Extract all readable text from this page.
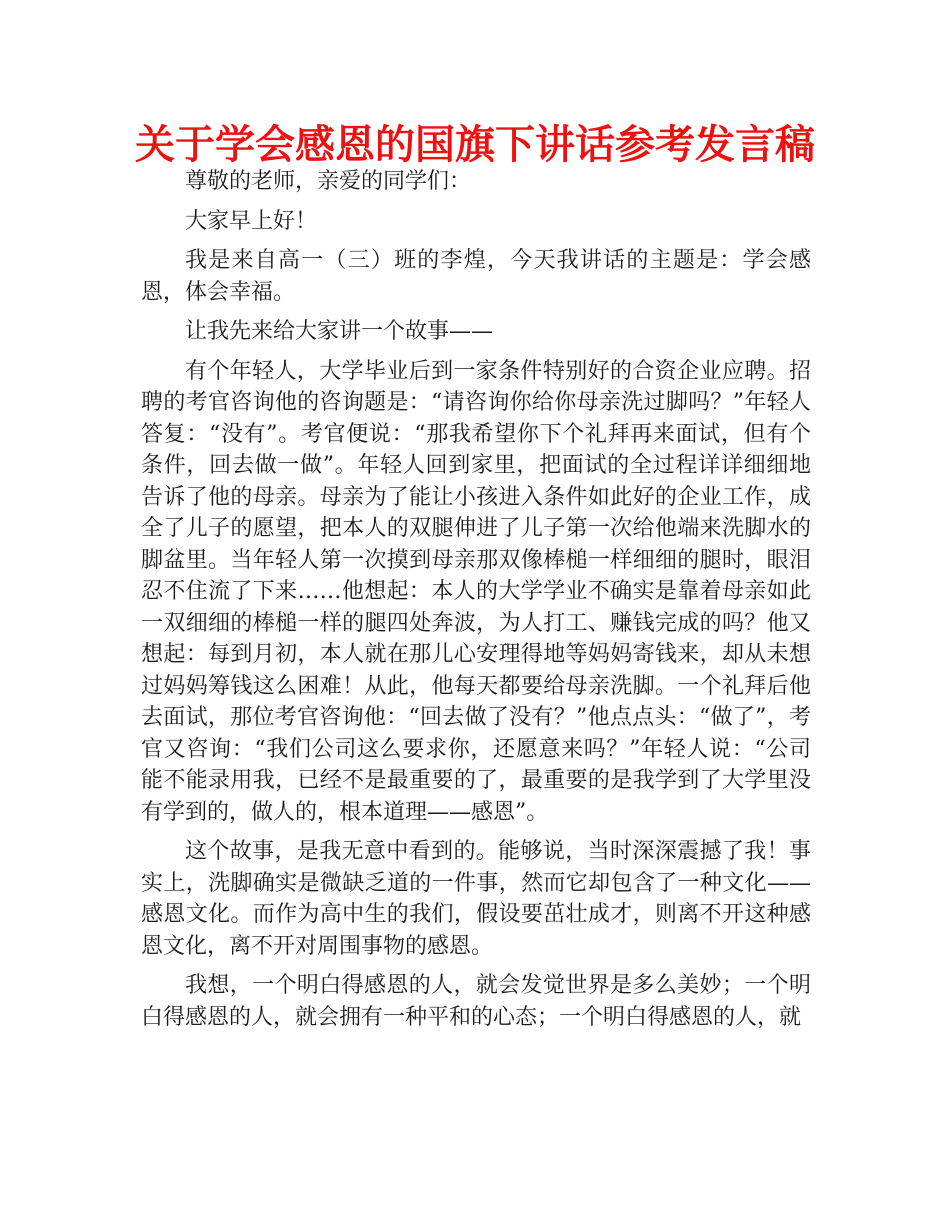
关于学会感恩的国旗下讲话参考发言稿

尊敬的老师，亲爱的同学们：

大家早上好！

我是来自高一（三）班的李煌，今天我讲话的主题是：学会感恩，体会幸福。

让我先来给大家讲一个故事——

有个年轻人，大学毕业后到一家条件特别好的合资企业应聘。招聘的考官咨询他的咨询题是：“请咨询你给你母亲洗过脚吗？”年轻人答复：“没有”。考官便说：“那我希望你下个礼拜再来面试，但有个条件，回去做一做”。年轻人回到家里，把面试的全过程详详细细地告诉了他的母亲。母亲为了能让小孩进入条件如此好的企业工作，成全了儿子的愿望，把本人的双腿伸进了儿子第一次给他端来洗脚水的脚盆里。当年轻人第一次摸到母亲那双像棒槌一样细细的腿时，眼泪忍不住流了下来……他想起：本人的大学学业不确实是靠着母亲如此一双细细的棒槌一样的腿四处奔波，为人打工、赚钱完成的吗？他又想起：每到月初，本人就在那儿心安理得地等妈妈寄钱来，却从未想过妈妈筹钱这么困难！从此，他每天都要给母亲洗脚。一个礼拜后他去面试，那位考官咨询他：“回去做了没有？”他点点头：“做了”，考官又咨询：“我们公司这么要求你，还愿意来吗？”年轻人说：“公司能不能录用我，已经不是最重要的了，最重要的是我学到了大学里没有学到的，做人的，根本道理——感恩”。

这个故事，是我无意中看到的。能够说，当时深深震撼了我！事实上，洗脚确实是微缺乏道的一件事，然而它却包含了一种文化——感恩文化。而作为高中生的我们，假设要茁壮成才，则离不开这种感恩文化，离不开对周围事物的感恩。

我想，一个明白得感恩的人，就会发觉世界是多么美妙；一个明白得感恩的人，就会拥有一种平和的心态；一个明白得感恩的人，就
